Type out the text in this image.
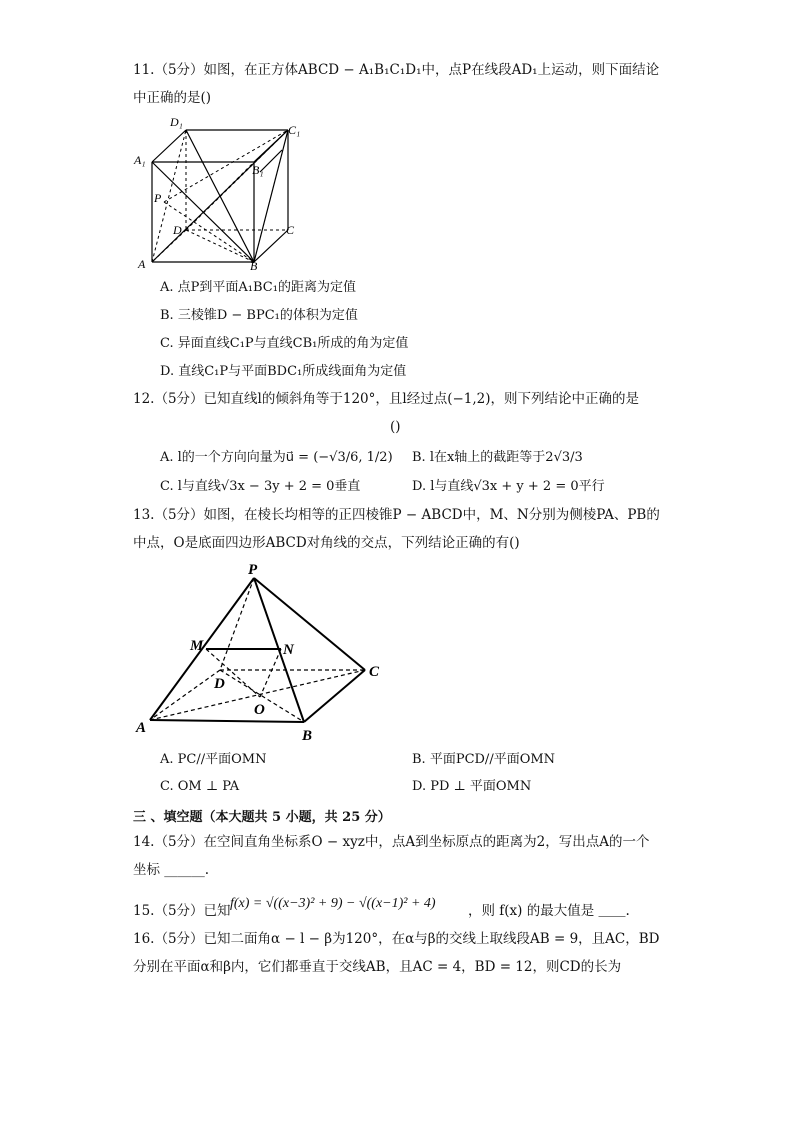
11.（5分）如图，在正方体ABCD − A₁B₁C₁D₁中，点P在线段AD₁上运动，则下面结论
中正确的是()
D₁
C₁
A₁
B₁
P
D	C
A	B
A. 点P到平面A₁BC₁的距离为定值
B. 三棱锥D − BPC₁的体积为定值
C. 异面直线C₁P与直线CB₁所成的角为定值
D. 直线C₁P与平面BDC₁所成线面角为定值
12.（5分）已知直线l的倾斜角等于120°，且l经过点(−1,2)，则下列结论中正确的是
()
A. l的一个方向向量为u⃗ = (−√3/6, 1/2) B. l在x轴上的截距等于2√3/3
C. l与直线√3x − 3y + 2 = 0垂直	D. l与直线√3x + y + 2 = 0平行
13.（5分）如图，在棱长均相等的正四棱锥P − ABCD中，M、N分别为侧棱PA、PB的
中点，O是底面四边形ABCD对角线的交点，下列结论正确的有()
P
M	N
C
D
O
A	B
A. PC//平面OMN	B. 平面PCD//平面OMN
C. OM ⊥ PA	D. PD ⊥ 平面OMN
三 、填空题（本大题共 5 小题，共 25 分）
14.（5分）在空间直角坐标系O − xyz中，点A到坐标原点的距离为2，写出点A的一个
坐标 ______.
15.（5分）已知 f(x) = √((x−3)² + 9) − √((x−1)² + 4) ，则 f(x) 的最大值是 ＿＿.
16.（5分）已知二面角α − l − β为120°，在α与β的交线上取线段AB = 9，且AC，BD
分别在平面α和β内，它们都垂直于交线AB，且AC = 4，BD = 12，则CD的长为
